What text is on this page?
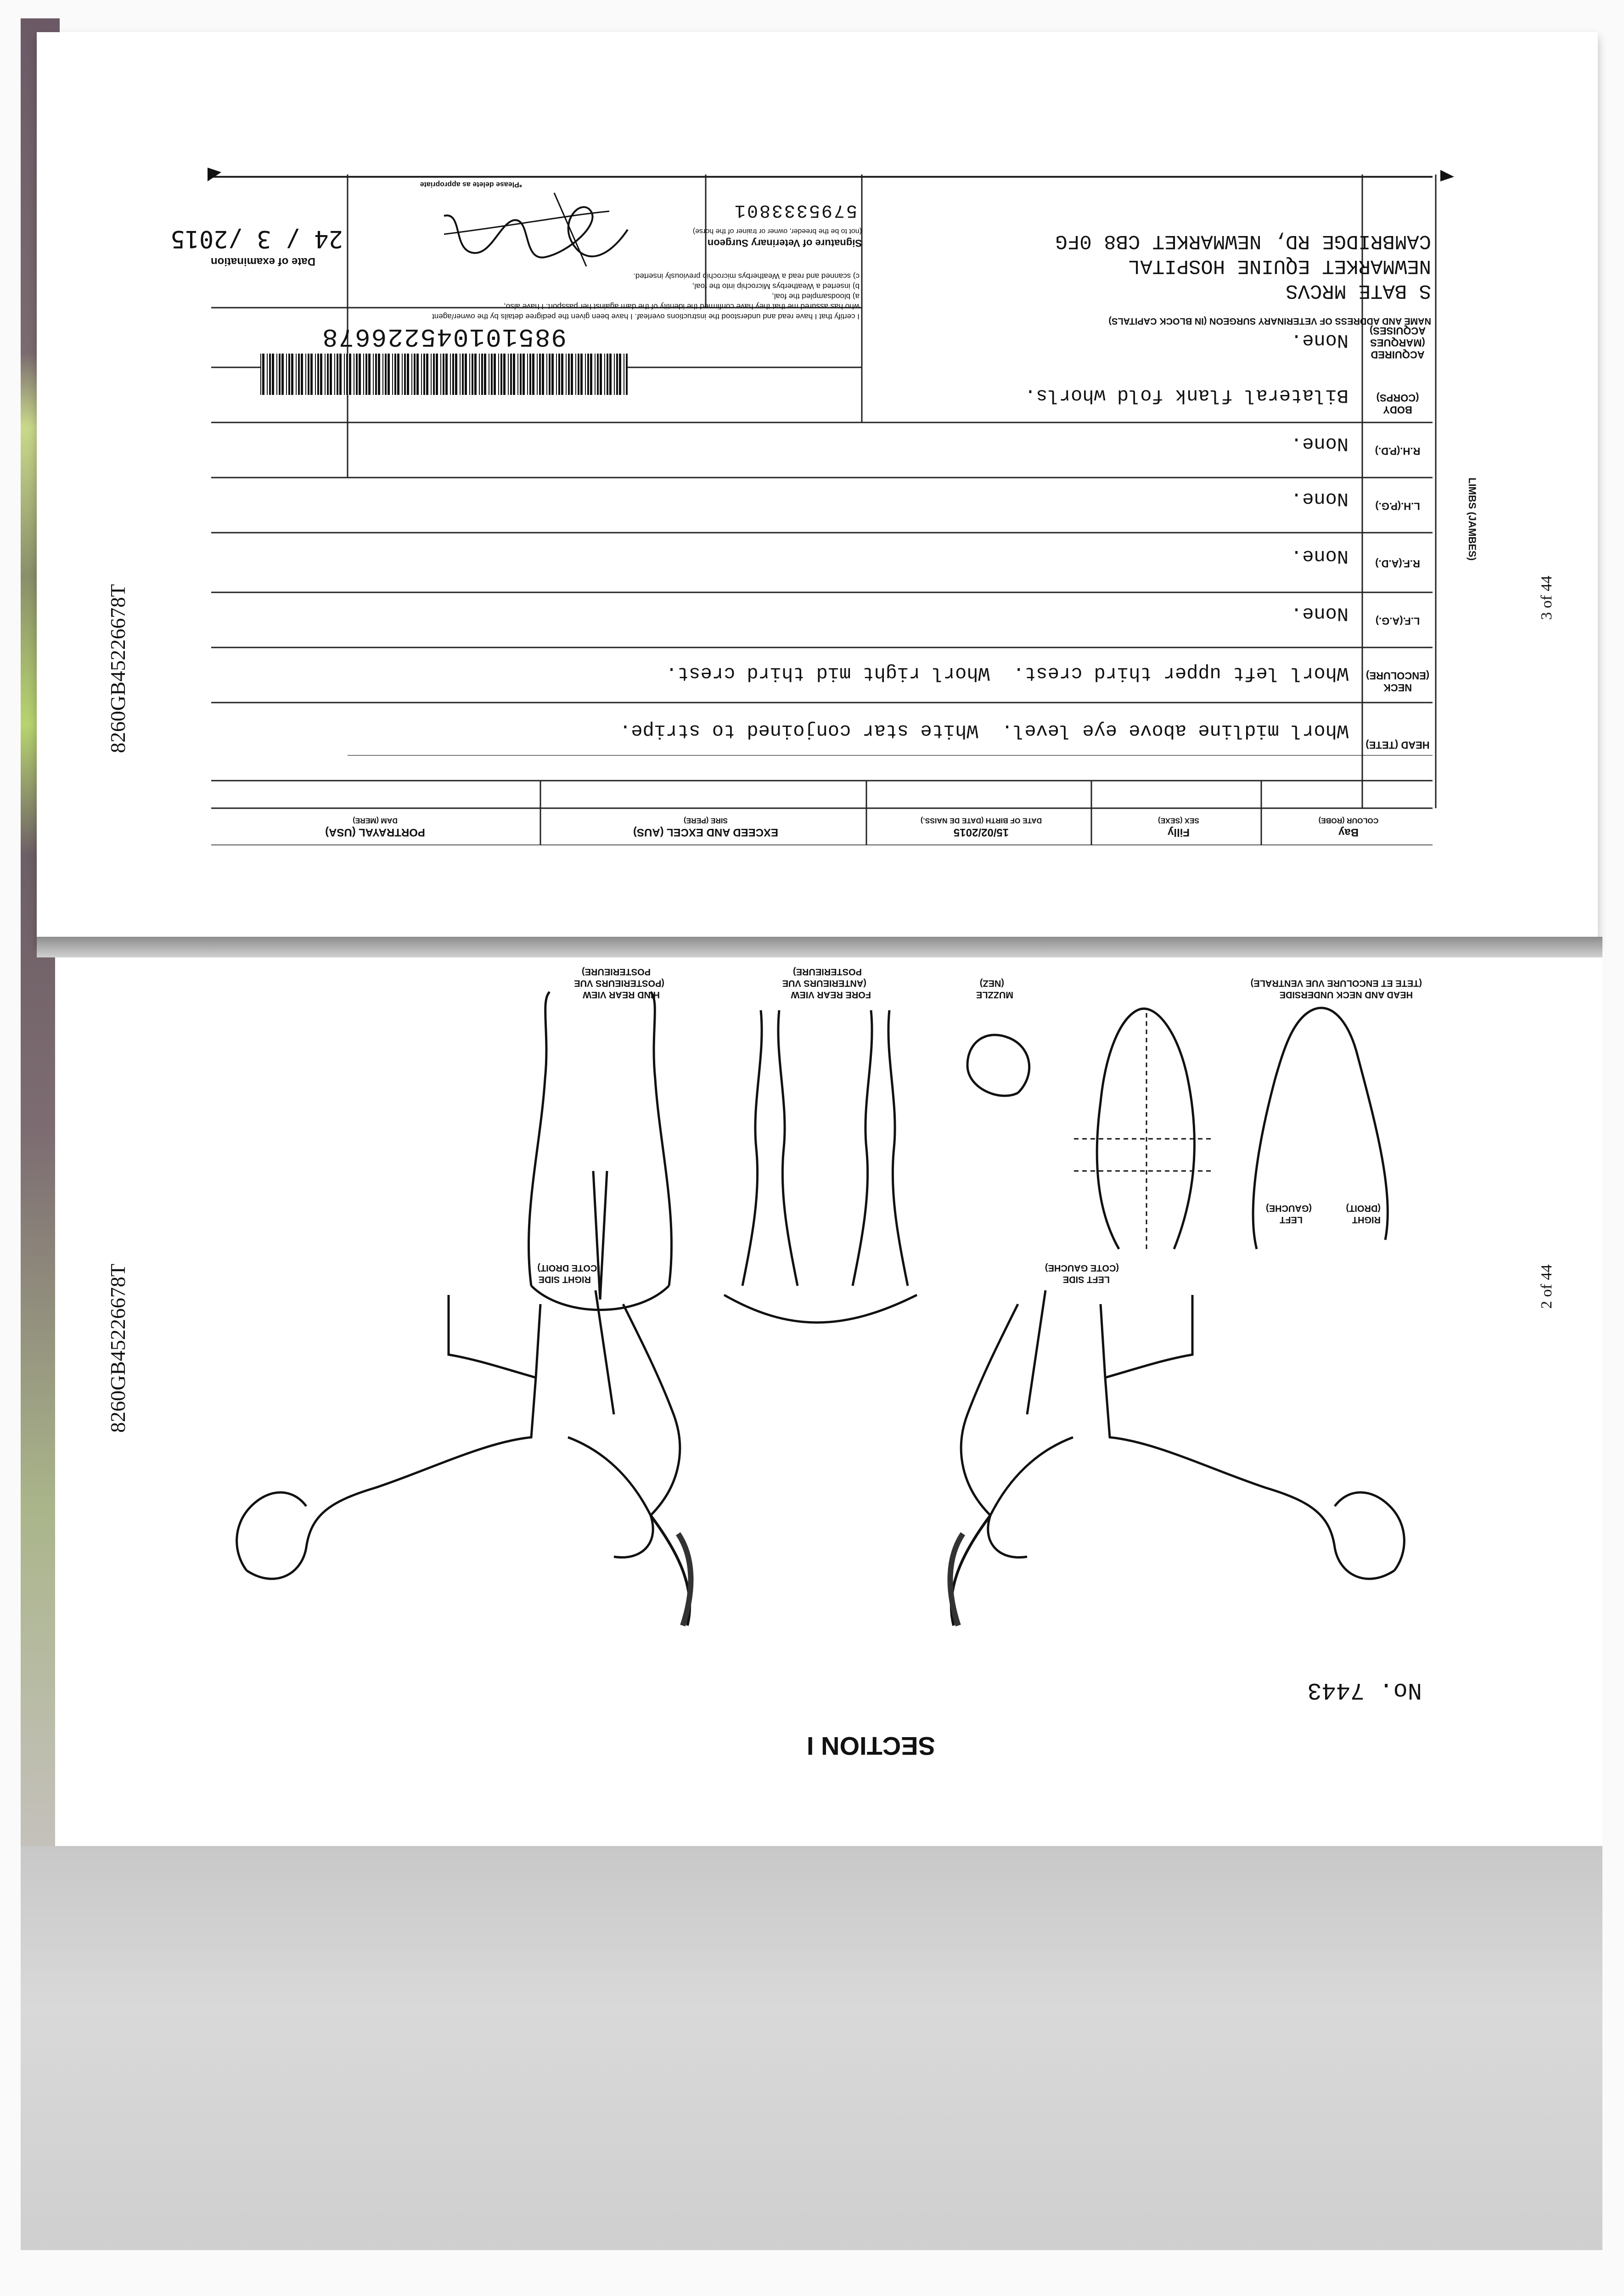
8260GB45226678T
8260GB45226678T
3 of 44
2 of 44
Bay
COLOUR (ROBE)
Filly
SEX (SEXE)
15/02/2015
DATE OF BIRTH (DATE DE NAISS.)
EXCEED AND EXCEL (AUS)
SIRE (PERE)
PORTRAYAL (USA)
DAM (MERE)
HEAD (TETE)
NECK (ENCOLURE)
L.F.(A.G.)
R.F.(A.D.)
L.H.(P.G.)
R.H.(P.D.)
BODY (CORPS)
ACQUIRED (MARQUES ACQUISES)
LIMBS (JAMBES)
Whorl midline above eye level.  White star conjoined to stripe.
Whorl left upper third crest.  Whorl right mid third crest.
None.
None.
None.
None.
Bilateral flank fold whorls.
None.
985101045226678
NAME AND ADDRESS OF VETERINARY SURGEON (IN BLOCK CAPITALS)
S BATE MRCVS
NEWMARKET EQUINE HOSPITAL
CAMBRIDGE RD, NEWMARKET CB8 0FG
I certify that I have read and understood the instructions overleaf. I have been given the pedigree details by the owner/agent
who has assured me that they have confirmed the identity of the dam against her passport. I have also,
a) bloodsampled the foal,
b) inserted a Weatherbys Microchip into the foal,
c) scanned and read a Weatherbys microchip previously inserted.
Signature of Veterinary Surgeon
(not to be the breeder, owner or trainer of the horse)
5795333801
*Please delete as appropriate
Date of examination
24 / 3 /2015
SECTION I
No. 7443
LEFT SIDE
(COTE GAUCHE)
RIGHT SIDE
(COTE DROIT)
HEAD AND NECK UNDERSIDE
(TETE ET ENCOLURE VUE VENTRALE)
MUZZLE
(NEZ)
FORE REAR VIEW
(ANTERIEURS VUE
POSTERIEURE)
HIND REAR VIEW
(POSTERIEURS VUE
POSTERIEURE)
RIGHT
(DROIT)
LEFT
(GAUCHE)
